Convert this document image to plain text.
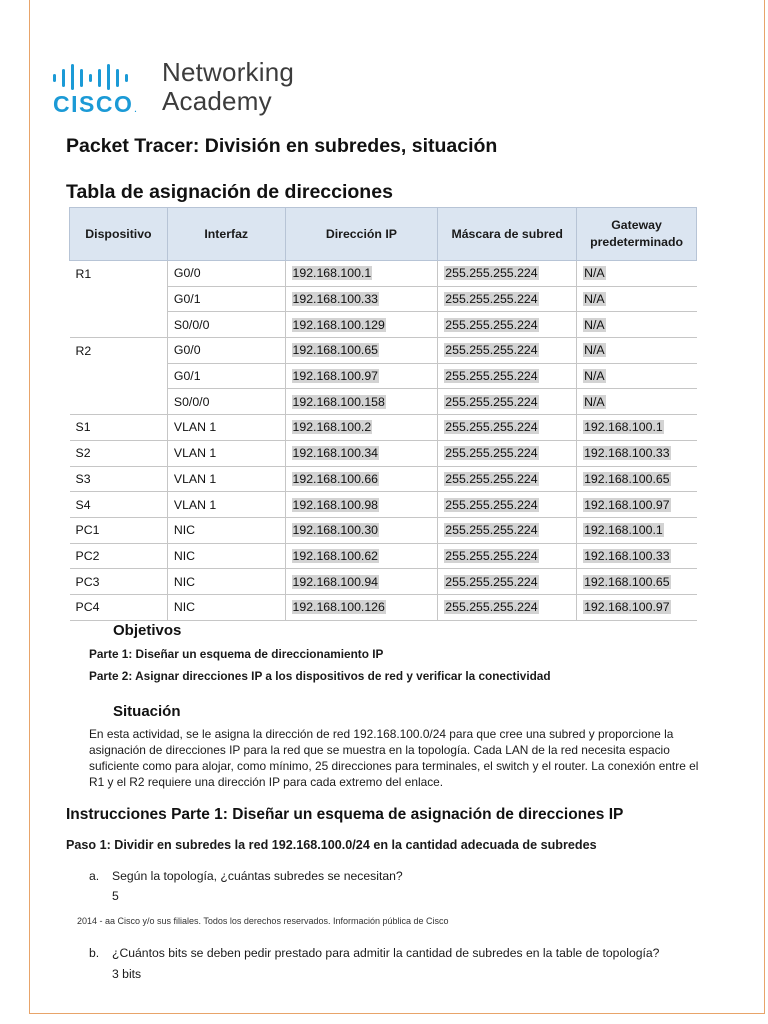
CISCO.
Networking
Academy
Packet Tracer: División en subredes, situación
Tabla de asignación de direcciones
Dispositivo	Interfaz	Dirección IP	Máscara de subred	Gateway predeterminado
R1	G0/0	192.168.100.1	255.255.255.224	N/A
	G0/1	192.168.100.33	255.255.255.224	N/A
	S0/0/0	192.168.100.129	255.255.255.224	N/A
R2	G0/0	192.168.100.65	255.255.255.224	N/A
	G0/1	192.168.100.97	255.255.255.224	N/A
	S0/0/0	192.168.100.158	255.255.255.224	N/A
S1	VLAN 1	192.168.100.2	255.255.255.224	192.168.100.1
S2	VLAN 1	192.168.100.34	255.255.255.224	192.168.100.33
S3	VLAN 1	192.168.100.66	255.255.255.224	192.168.100.65
S4	VLAN 1	192.168.100.98	255.255.255.224	192.168.100.97
PC1	NIC	192.168.100.30	255.255.255.224	192.168.100.1
PC2	NIC	192.168.100.62	255.255.255.224	192.168.100.33
PC3	NIC	192.168.100.94	255.255.255.224	192.168.100.65
PC4	NIC	192.168.100.126	255.255.255.224	192.168.100.97
Objetivos
Parte 1: Diseñar un esquema de direccionamiento IP
Parte 2: Asignar direcciones IP a los dispositivos de red y verificar la conectividad
Situación
En esta actividad, se le asigna la dirección de red 192.168.100.0/24 para que cree una subred y proporcione la asignación de direcciones IP para la red que se muestra en la topología. Cada LAN de la red necesita espacio suficiente como para alojar, como mínimo, 25 direcciones para terminales, el switch y el router. La conexión entre el R1 y el R2 requiere una dirección IP para cada extremo del enlace.
Instrucciones Parte 1: Diseñar un esquema de asignación de direcciones IP
Paso 1: Dividir en subredes la red 192.168.100.0/24 en la cantidad adecuada de subredes
a. Según la topología, ¿cuántas subredes se necesitan?
5
2014 - aa Cisco y/o sus filiales. Todos los derechos reservados. Información pública de Cisco
b. ¿Cuántos bits se deben pedir prestado para admitir la cantidad de subredes en la table de topología?
3 bits
